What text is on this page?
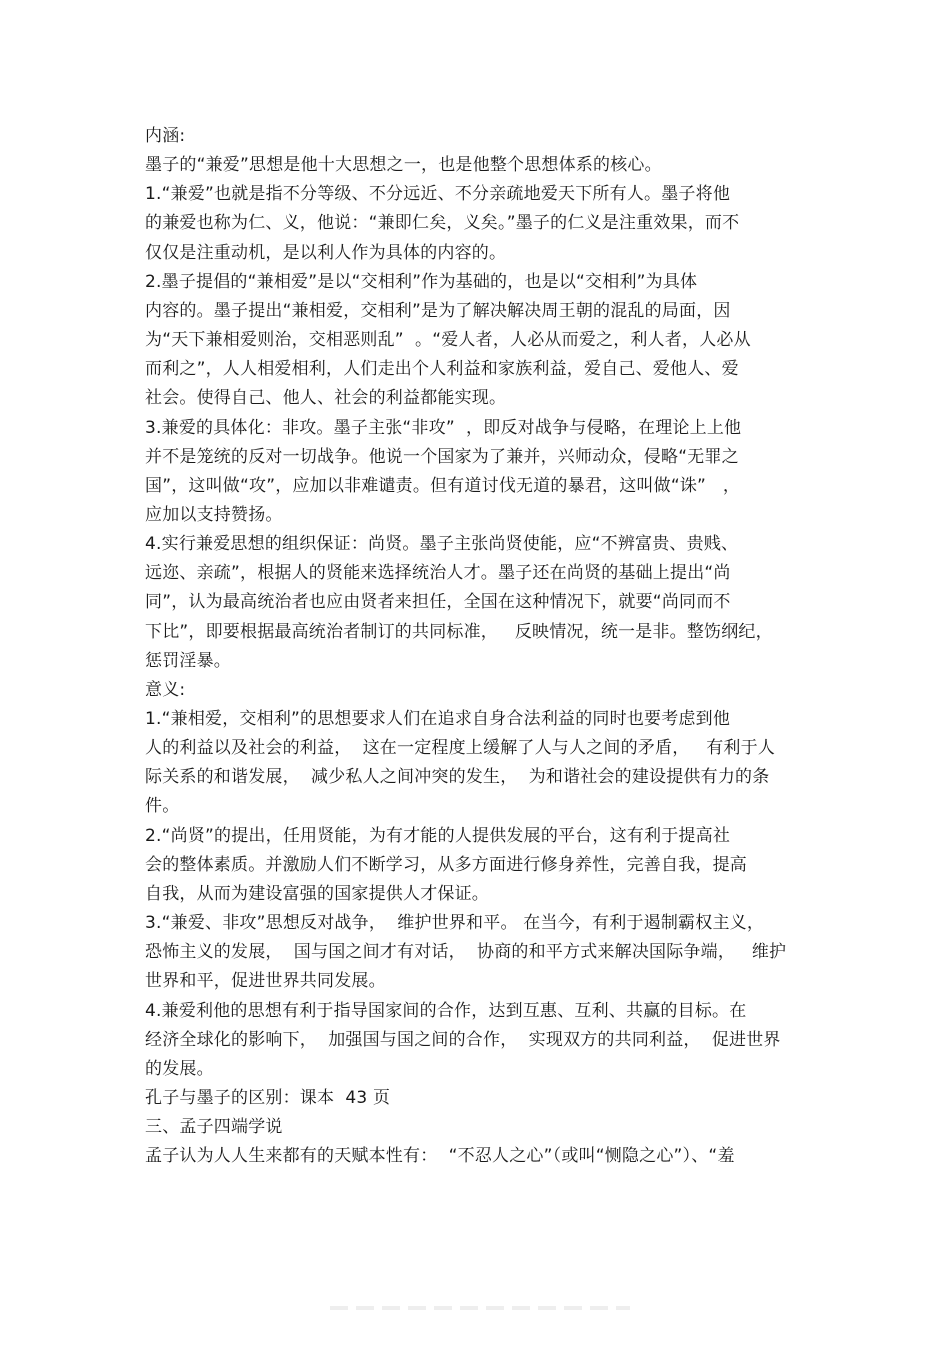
内涵:
墨子的“兼爱”思想是他十大思想之一，也是他整个思想体系的核心。
1.“兼爱”也就是指不分等级、不分远近、不分亲疏地爱天下所有人。墨子将他
的兼爱也称为仁、义，他说：“兼即仁矣，义矣。”墨子的仁义是注重效果，而不
仅仅是注重动机，是以利人作为具体的内容的。
2.墨子提倡的“兼相爱”是以“交相利”作为基础的，也是以“交相利”为具体
内容的。墨子提出“兼相爱，交相利”是为了解决解决周王朝的混乱的局面，因
为“天下兼相爱则治，交相恶则乱”  。“爱人者，人必从而爱之，利人者，人必从
而利之”，人人相爱相利，人们走出个人利益和家族利益，爱自己、爱他人、爱
社会。使得自己、他人、社会的利益都能实现。
3.兼爱的具体化：非攻。墨子主张“非攻”  ，即反对战争与侵略，在理论上上他
并不是笼统的反对一切战争。他说一个国家为了兼并，兴师动众，侵略“无罪之
国”，这叫做“攻”，应加以非难谴责。但有道讨伐无道的暴君，这叫做“诛”   ，
应加以支持赞扬。
4.实行兼爱思想的组织保证：尚贤。墨子主张尚贤使能，应“不辨富贵、贵贱、
远迩、亲疏”，根据人的贤能来选择统治人才。墨子还在尚贤的基础上提出“尚
同”，认为最高统治者也应由贤者来担任，全国在这种情况下，就要“尚同而不
下比”，即要根据最高统治者制订的共同标准，   反映情况，统一是非。整饬纲纪，
惩罚淫暴。
意义:
1.“兼相爱，交相利”的思想要求人们在追求自身合法利益的同时也要考虑到他
人的利益以及社会的利益，  这在一定程度上缓解了人与人之间的矛盾，   有利于人
际关系的和谐发展，  减少私人之间冲突的发生，  为和谐社会的建设提供有力的条
件。
2.“尚贤”的提出，任用贤能，为有才能的人提供发展的平台，这有利于提高社
会的整体素质。并激励人们不断学习，从多方面进行修身养性，完善自我，提高
自我，从而为建设富强的国家提供人才保证。
3.“兼爱、非攻”思想反对战争，  维护世界和平。 在当今，有利于遏制霸权主义，
恐怖主义的发展，  国与国之间才有对话，  协商的和平方式来解决国际争端，   维护
世界和平，促进世界共同发展。
4.兼爱利他的思想有利于指导国家间的合作，达到互惠、互利、共赢的目标。在
经济全球化的影响下，  加强国与国之间的合作，  实现双方的共同利益，  促进世界
的发展。
孔子与墨子的区别：课本  43 页
三、孟子四端学说
孟子认为人人生来都有的天赋本性有：  “不忍人之心”（或叫“恻隐之心”）、“羞
